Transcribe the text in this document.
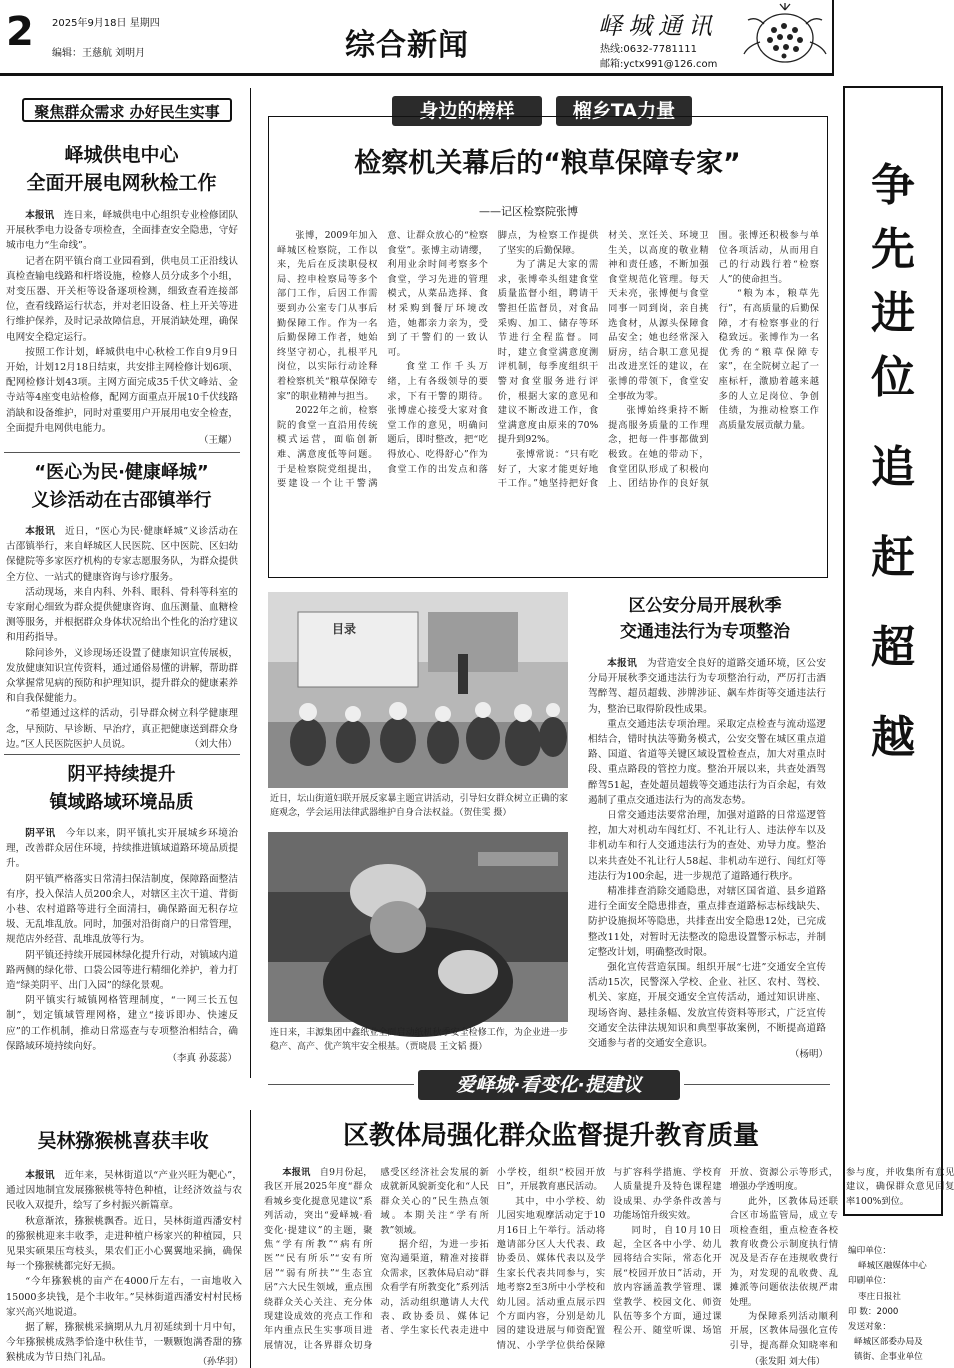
2 2025年9月18日 星期四
编辑：王慈航 刘明月	综合新闻
峄城通讯
热线:0632-7781111
邮箱:yctx991@126.com
聚焦群众需求 办好民生实事
峄城供电中心
全面开展电网秋检工作

本报讯　 连日来，峄城供电中心组织专业检修团队开展秋季电力设备专项检查，全面排查安全隐患，守好城市电力“生命线”。

记者在阴平镇台商工业园看到，供电员工正沿线认真检查输电线路和杆塔设施，检修人员分成多个小组，对变压器、开关柜等设备逐项检测，细致查看连接部位，查看线路运行状态，并对老旧设备、柱上开关等进行维护保养，及时记录故障信息，开展消缺处理，确保电网安全稳定运行。

按照工作计划，峄城供电中心秋检工作自9月9日开始，计划12月18日结束，共安排主网检修计划6项、配网检修计划43项。主网方面完成35千伏文峰站、金寺站等4座变电站检修，配网方面重点开展10千伏线路消缺和设备维护，同时对重要用户开展用电安全检查，全面提升电网供电能力。

（王耀）
“医心为民·健康峄城”
义诊活动在古邵镇举行

本报讯　 近日，“医心为民·健康峄城”义诊活动在古邵镇举行，来自峄城区人民医院、区中医院、区妇幼保健院等多家医疗机构的专家志愿服务队，为群众提供全方位、一站式的健康咨询与诊疗服务。

活动现场，来自内科、外科、眼科、骨科等科室的专家耐心细致为群众提供健康咨询、血压测量、血糖检测等服务，并根据群众身体状况给出个性化的治疗建议和用药指导。

除问诊外，义诊现场还设置了健康知识宣传展板，发放健康知识宣传资料，通过通俗易懂的讲解，帮助群众掌握常见病的预防和护理知识，提升群众的健康素养和自我保健能力。

“希望通过这样的活动，引导群众树立科学健康理念，早预防、早诊断、早治疗，真正把健康送到群众身边。”区人民医院医护人员说。	（刘大伟）
阴平持续提升
镇域路域环境品质

阴平讯　 今年以来，阴平镇扎实开展城乡环境治理，改善群众居住环境，持续推进镇域道路环境品质提升。

阴平镇严格落实日常清扫保洁制度，保障路面整洁有序，投入保洁人员200余人，对辖区主次干道、背街小巷、农村道路等进行全面清扫，确保路面无积存垃圾、无乱堆乱放。同时，加强对沿街商户的日常管理，规范店外经营、乱堆乱放等行为。

阴平镇还持续开展园林绿化提升行动，对镇域内道路两侧的绿化带、口袋公园等进行精细化养护，着力打造“绿美阴平、出门入园”的绿化景观。

阴平镇实行城镇网格管理制度，“一网三长五包制”，划定镇域管理网格，建立“接诉即办、快速反应”的工作机制，推动日常巡查与专项整治相结合，确保路域环境持续向好。

（李真 孙蕊蕊）
身边的榜样	榴乡TA力量
检察机关幕后的“粮草保障专家”
——记区检察院张博

张博，2009年加入峄城区检察院，工作以来，先后在反渎职侵权局、控申检察局等多个部门工作，后因工作需要到办公室专门从事后勤保障工作。作为一名后勤保障工作者，她始终坚守初心，扎根平凡岗位，以实际行动诠释着检察机关“粮草保障专家”的职业精神与担当。

2022年之前，检察院的食堂一直沿用传统模式运营，面临创新难、满意度低等问题。于是检察院党组提出，要建设一个让干警满意、让群众放心的“检察食堂”。张博主动请缨，利用业余时间考察多个食堂，学习先进的管理模式，从菜品选择、食材采购到餐厅环境改造，她都亲力亲为，受到了干警们的一致认可。

食堂工作千头万绪，上有各级领导的要求，下有干警的期待。张博虚心接受大家对食堂工作的意见，明确问题后，即时整改，把“吃得放心、吃得舒心”作为食堂工作的出发点和落脚点，为检察工作提供了坚实的后勤保障。

为了满足大家的需求，张博牵头组建食堂质量监督小组，聘请干警担任监督员，对食品采购、加工、储存等环节进行全程监督。同时，建立食堂满意度测评机制，每季度组织干警对食堂服务进行评价，根据大家的意见和建议不断改进工作，食堂满意度由原来的70%提升到92%。

张博常说：“只有吃好了，大家才能更好地干工作。”她坚持把好食材关、烹饪关、环境卫生关，以高度的敬业精神和责任感，不断加强食堂规范化管理。每天天未亮，张博便与食堂同事一同到岗，亲自挑选食材，从源头保障食品安全；她也经常深入厨房，结合职工意见提出改进烹饪的建议，在张博的带领下，食堂安全事故为零。

张博始终秉持不断提高服务质量的工作理念，把每一件事都做到极致。在她的带动下，食堂团队形成了积极向上、团结协作的良好氛围。张博还积极参与单位各项活动，从而用自己的行动践行着“检察人”的使命担当。

“粮为本，粮草先行”，有高质量的后勤保障，才有检察事业的行稳致远。张博作为一名优秀的“粮草保障专家”，在全院树立起了一座标杆，激励着越来越多的人立足岗位、争创佳绩，为推动检察工作高质量发展贡献力量。

目录
近日，坛山街道妇联开展反家暴主题宣讲活动，引导妇女群众树立正确的家庭观念，学会运用法律武器维护自身合法权益。（贺佳雯 摄）
连日来，丰源集团中鑫纸业全面启动纸机秋季安全检修工作，为企业进一步稳产、高产、优产筑牢安全根基。（贾晓晨 王文韬 摄）
区公安分局开展秋季
交通违法行为专项整治

本报讯　 为营造安全良好的道路交通环境，区公安分局开展秋季交通违法行为专项整治行动，严厉打击酒驾醉驾、超员超载、涉牌涉证、飙车炸街等交通违法行为，整治已取得阶段性成果。

重点交通违法专项治理。采取定点检查与流动巡逻相结合，错时执法等勤务模式，公安交警在城区重点道路、国道、省道等关键区域设置检查点，加大对重点时段、重点路段的管控力度。整治开展以来，共查处酒驾醉驾51起，查处超员超载等交通违法行为百余起，有效遏制了重点交通违法行为的高发态势。

日常交通违法要常治理，加强对道路的日常巡逻管控，加大对机动车闯红灯、不礼让行人、违法停车以及非机动车和行人交通违法行为的查处、劝导力度。整治以来共查处不礼让行人58起、非机动车逆行、闯红灯等违法行为100余起，进一步规范了道路通行秩序。

精准排查消除交通隐患，对辖区国省道、县乡道路进行全面安全隐患排查，重点排查道路标志标线缺失、防护设施损坏等隐患，共排查出安全隐患12处，已完成整改11处，对暂时无法整改的隐患设置警示标志，并制定整改计划，明确整改时限。

强化宣传营造氛围。组织开展“七进”交通安全宣传活动15次，民警深入学校、企业、社区、农村、驾校、机关、家庭，开展交通安全宣传活动，通过知识讲座、现场咨询、悬挂条幅、发放宣传资料等形式，广泛宣传交通安全法律法规知识和典型事故案例，不断提高道路交通参与者的交通安全意识。

（杨明）
争
先
进
位
追
赶
超
越
编印单位：
峄城区融媒体中心
印刷单位：
枣庄日报社
印 数：2000
发送对象：
峄城区部委办局及
镇街、企事业单位
爱峄城·看变化·提建议
吴林猕猴桃喜获丰收

本报讯　 近年来，吴林街道以“产业兴旺为靶心”，通过因地制宜发展猕猴桃等特色种植，让经济效益与农民收入双提升，绘写了乡村振兴新篇章。

秋意渐浓，猕猴桃飘香。近日，吴林街道西潘安村的猕猴桃迎来丰收季，走进种植户杨家兴的种植园，只见果实硕果压弯枝头，果农们正小心翼翼地采摘，确保每一个猕猴桃都完好无损。

“今年猕猴桃的亩产在4000斤左右，一亩地收入15000多块钱，是个丰收年。”吴林街道西潘安村村民杨家兴高兴地说道。

据了解，猕猴桃采摘期从九月初延续到十月中旬，今年猕猴桃成熟季恰逢中秋佳节，一颗颗饱满香甜的猕猴桃成为节日热门礼品。	（孙华羽）
区教体局强化群众监督提升教育质量

本报讯　 自9月份起，我区开展2025年度“群众看城乡变化提意见建议”系列活动，突出“爱峄城·看变化·提建议”的主题，聚焦“学有所教”“病有所医”“民有所乐”“安有所居”“弱有所扶”“生态宜居”六大民生领域，重点围绕群众关心关注、充分体现建设成效的亮点工作和年内重点民生实事项目进展情况，让各界群众切身感受区经济社会发展的新成就新风貌新变化和“人民群众关心的”民生热点领域。本期关注“学有所教”领域。

据介绍，为进一步拓宽沟通渠道，精准对接群众需求，区教体局启动“群众看学有所教变化”系列活动，活动组织邀请人大代表、政协委员、媒体记者、学生家长代表走进中小学校，组织“校园开放日”，开展教育惠民活动。

其中，中小学校、幼儿园实地观摩活动定于10月16日上午举行。活动将邀请部分区人大代表、政协委员、媒体代表以及学生家长代表共同参与，实地考察2至3所中小学校和幼儿园。活动重点展示四个方面内容，分别是幼儿园的建设进展与师资配置情况、小学学位供给保障与扩容科学措施、学校育人质量提升及特色课程建设成果、办学条件改善与功能场馆升级实效。

同时，自10月10日起，全区各中小学、幼儿园将结合实际，常态化开展“校园开放日”活动，开放内容涵盖教学管理、课堂教学、校园文化、师资队伍等多个方面，通过课程公开、随堂听课、场馆开放、资源公示等形式，增强办学透明度。

此外，区教体局还联合区市场监管局，成立专项检查组，重点检查各校教育收费公示制度执行情况及是否存在违规收费行为，对发现的乱收费、乱摊派等问题依法依规严肃处理。

为保障系列活动顺利开展，区教体局强化宣传引导，提高群众知晓率和参与度，并收集所有意见建议，确保群众意见回复率100%到位。

（张发阳 刘大伟）
